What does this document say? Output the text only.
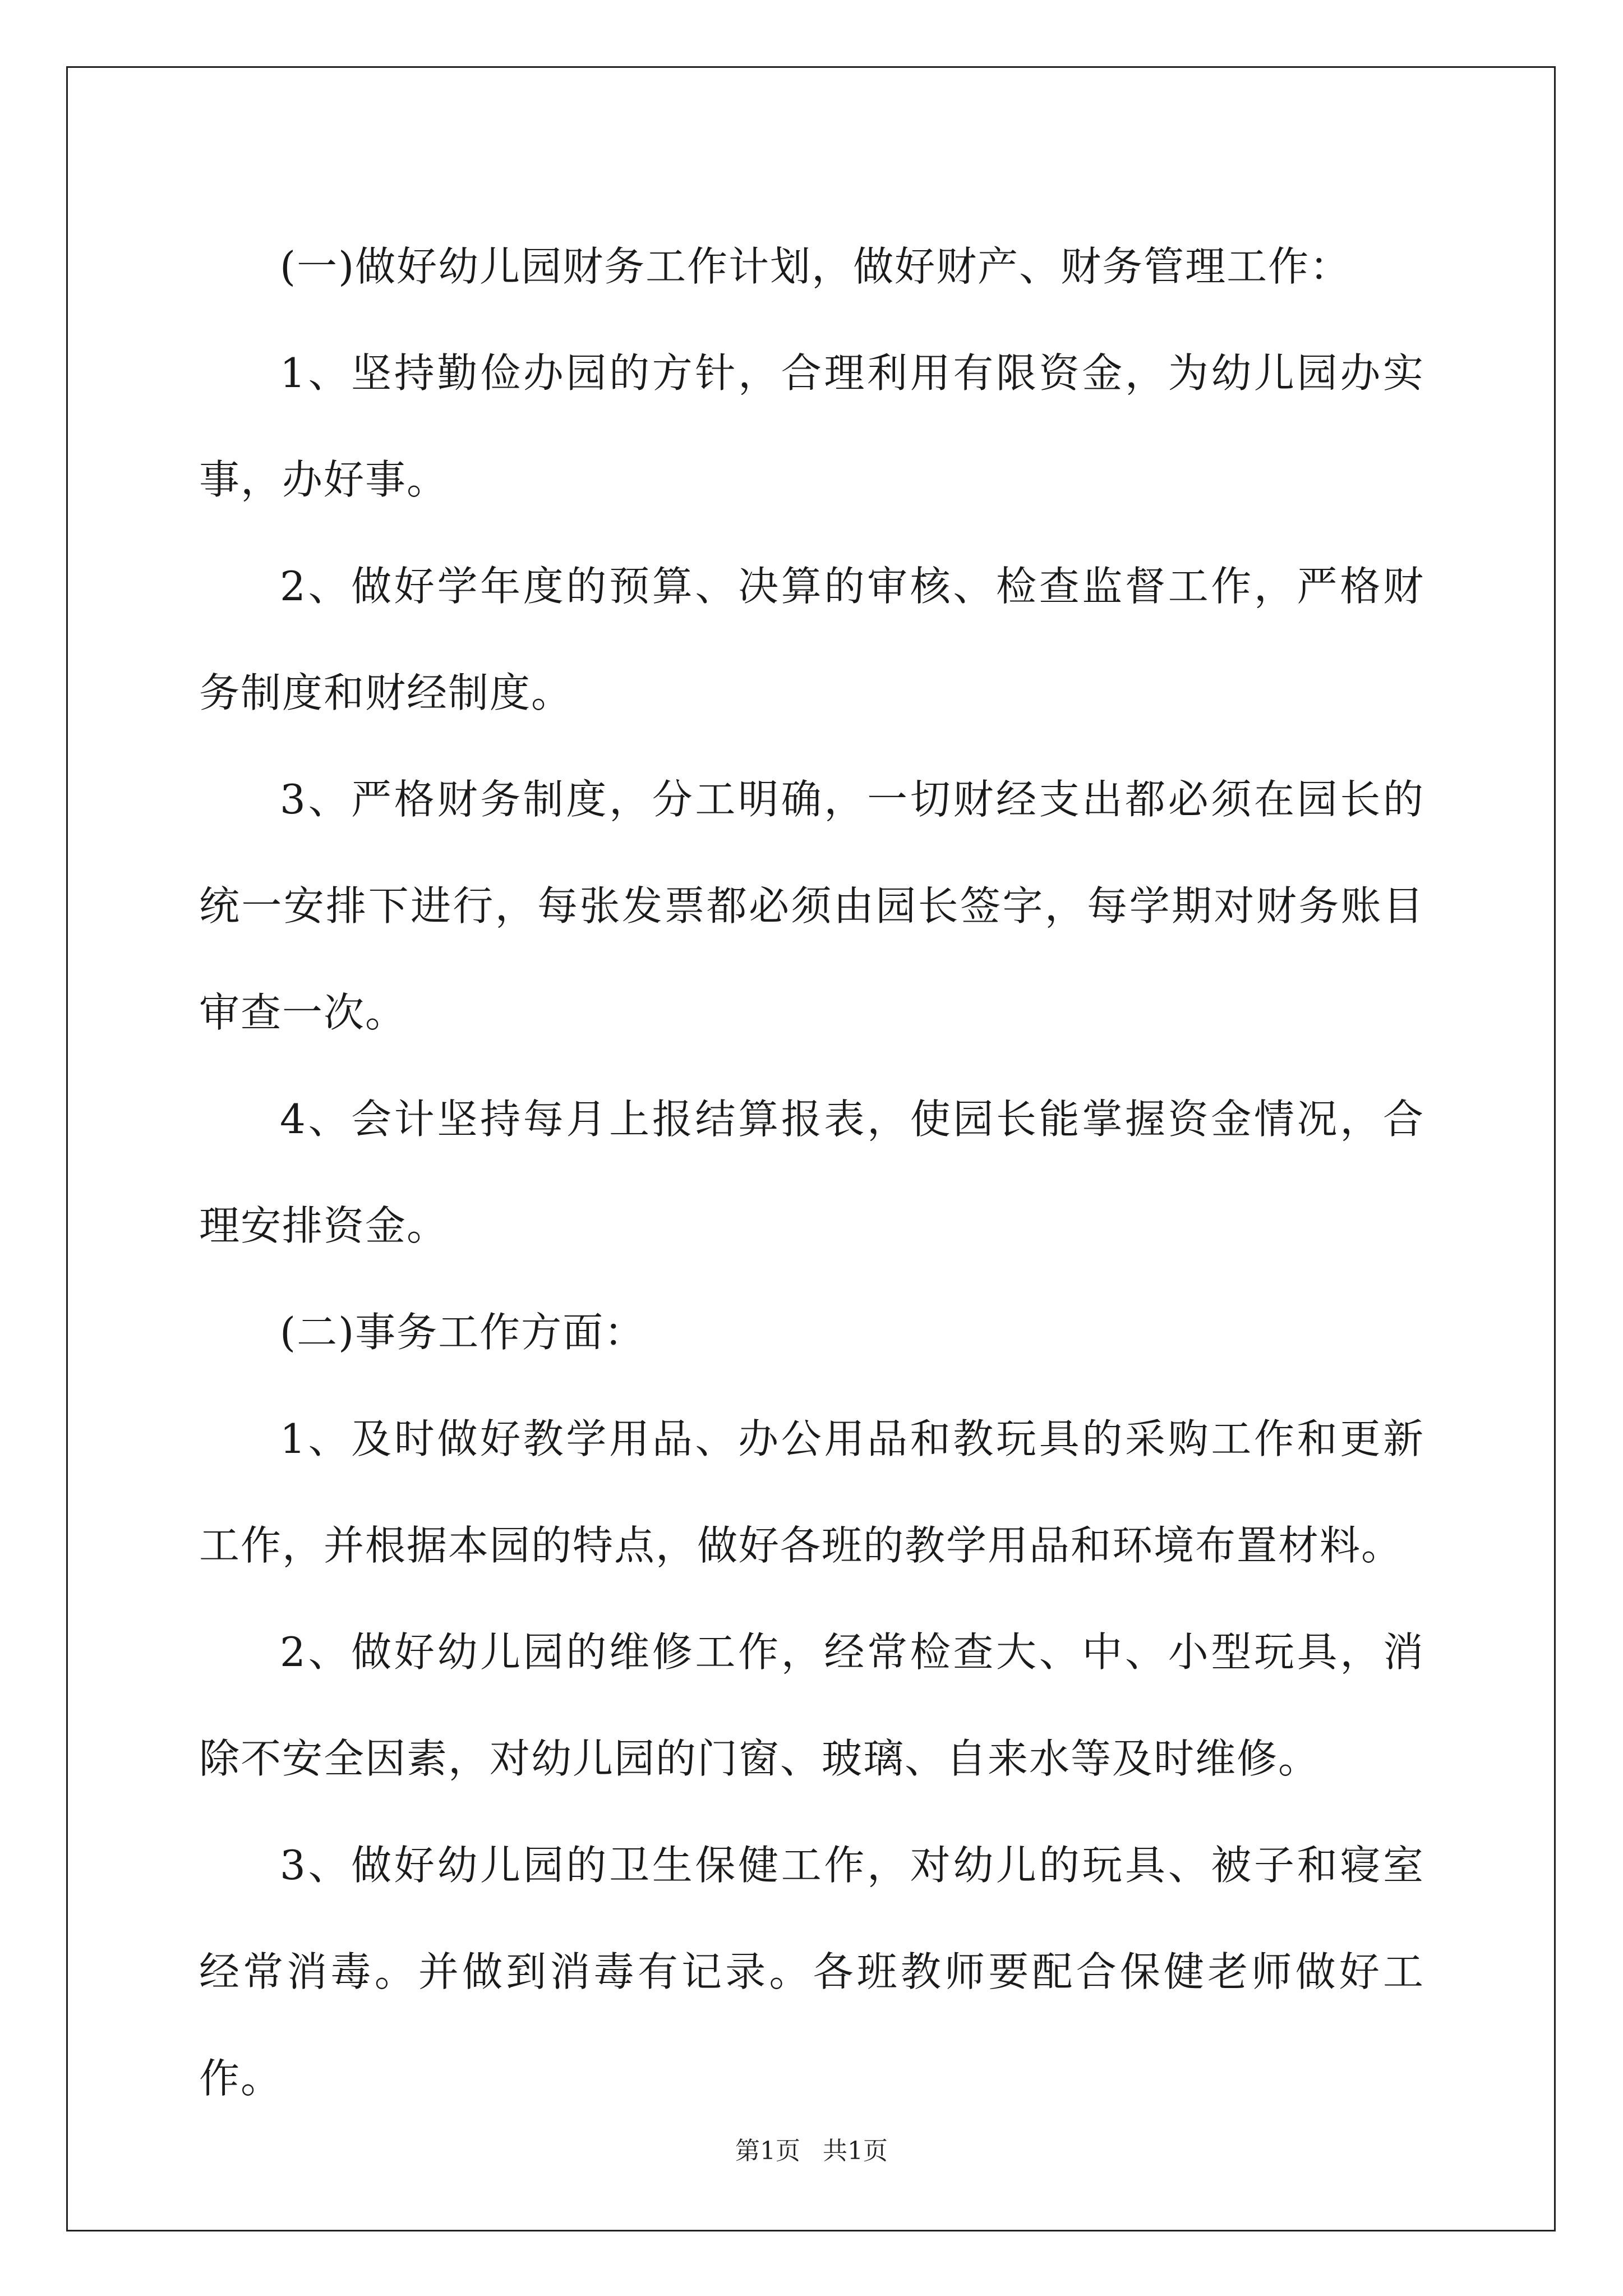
(一)做好幼儿园财务工作计划，做好财产、财务管理工作：

1、坚持勤俭办园的方针，合理利用有限资金，为幼儿园办实事，办好事。

2、做好学年度的预算、决算的审核、检查监督工作，严格财务制度和财经制度。

3、严格财务制度，分工明确，一切财经支出都必须在园长的统一安排下进行，每张发票都必须由园长签字，每学期对财务账目审查一次。

4、会计坚持每月上报结算报表，使园长能掌握资金情况，合理安排资金。

(二)事务工作方面：

1、及时做好教学用品、办公用品和教玩具的采购工作和更新工作，并根据本园的特点，做好各班的教学用品和环境布置材料。

2、做好幼儿园的维修工作，经常检查大、中、小型玩具，消除不安全因素，对幼儿园的门窗、玻璃、自来水等及时维修。

3、做好幼儿园的卫生保健工作，对幼儿的玩具、被子和寝室经常消毒。并做到消毒有记录。各班教师要配合保健老师做好工作。

第1页 共1页
